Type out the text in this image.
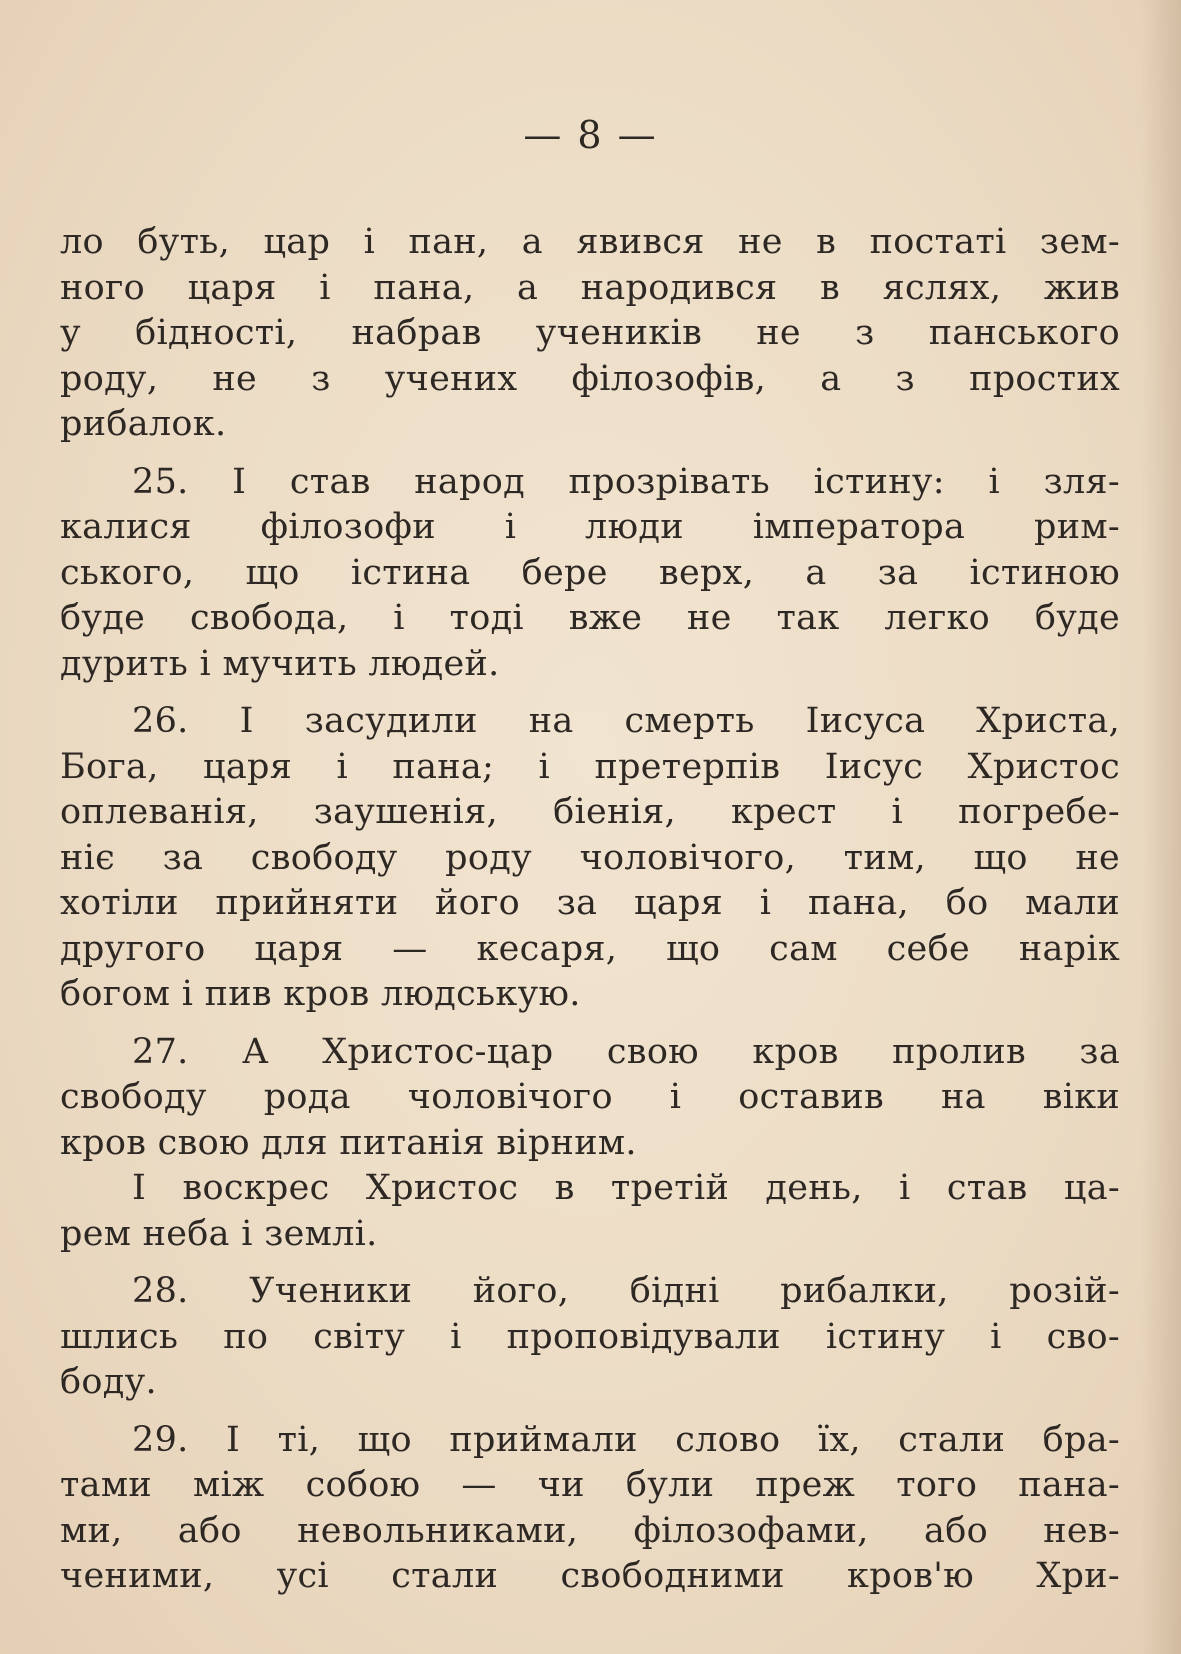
— 8 —
ло буть, цар і пан, а явився не в постаті зем-
ного царя і пана, а народився в яслях, жив
у бідності, набрав учеників не з панського
роду, не з учених філозофів, а з простих
рибалок.
25. І став народ прозрівать істину: і зля-
калися філозофи і люди імператора рим-
ського, що істина бере верх, а за істиною
буде свобода, і тоді вже не так легко буде
дурить і мучить людей.
26. І засудили на смерть Іисуса Христа,
Бога, царя і пана; і претерпів Іисус Христос
оплеванія, заушенія, біенія, крест і погребе-
ніє за свободу роду чоловічого, тим, що не
хотіли прийняти його за царя і пана, бо мали
другого царя — кесаря, що сам себе нарік
богом і пив кров людськую.
27. А Христос-цар свою кров пролив за
свободу рода чоловічого і оставив на віки
кров свою для питанія вірним.
І воскрес Христос в третій день, і став ца-
рем неба і землі.
28. Ученики його, бідні рибалки, розій-
шлись по світу і проповідували істину і сво-
боду.
29. І ті, що приймали слово їх, стали бра-
тами між собою — чи були преж того пана-
ми, або невольниками, філозофами, або нев-
ченими, усі стали свободними кров'ю Хри-
